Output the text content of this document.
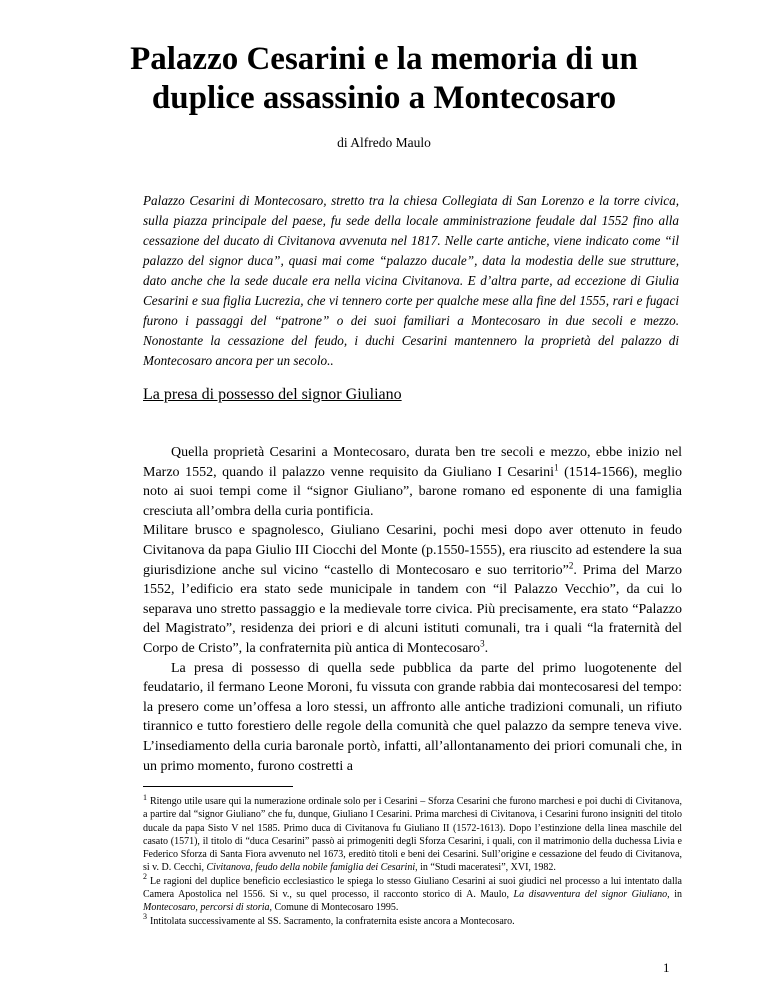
Palazzo Cesarini e la memoria di un duplice assassinio a Montecosaro
di Alfredo Maulo

Palazzo Cesarini di Montecosaro, stretto tra la chiesa Collegiata di San Lorenzo e la torre civica, sulla piazza principale del paese, fu sede della locale amministrazione feudale dal 1552 fino alla cessazione del ducato di Civitanova avvenuta nel 1817. Nelle carte antiche, viene indicato come “il palazzo del signor duca”, quasi mai come “palazzo ducale”, data la modestia delle sue strutture, dato anche che la sede ducale era nella vicina Civitanova. E d’altra parte, ad eccezione di Giulia Cesarini e sua figlia Lucrezia, che vi tennero corte per qualche mese alla fine del 1555, rari e fugaci furono i passaggi del “patrone” o dei suoi familiari a Montecosaro in due secoli e mezzo. Nonostante la cessazione del feudo, i duchi Cesarini mantennero la proprietà del palazzo di Montecosaro ancora per un secolo..

La presa di possesso del signor Giuliano

Quella proprietà Cesarini a Montecosaro, durata ben tre secoli e mezzo, ebbe inizio nel Marzo 1552, quando il palazzo venne requisito da Giuliano I Cesarini$^1$ (1514-1566), meglio noto ai suoi tempi come il “signor Giuliano”, barone romano ed esponente di una famiglia cresciuta all’ombra della curia pontificia.

Militare brusco e spagnolesco, Giuliano Cesarini, pochi mesi dopo aver ottenuto in feudo Civitanova da papa Giulio III Ciocchi del Monte (p.1550-1555), era riuscito ad estendere la sua giurisdizione anche sul vicino “castello di Montecosaro e suo territorio”$^2$. Prima del Marzo 1552, l’edificio era stato sede municipale in tandem con “il Palazzo Vecchio”, da cui lo separava uno stretto passaggio e la medievale torre civica. Più precisamente, era stato “Palazzo del Magistrato”, residenza dei priori e di alcuni istituti comunali, tra i quali “la fraternità del Corpo de Cristo”, la confraternita più antica di Montecosaro$^3$.

La presa di possesso di quella sede pubblica da parte del primo luogotenente del feudatario, il fermano Leone Moroni, fu vissuta con grande rabbia dai montecosaresi del tempo: la presero come un’offesa a loro stessi, un affronto alle antiche tradizioni comunali, un rifiuto tirannico e tutto forestiero delle regole della comunità che quel palazzo da sempre teneva vive. L’insediamento della curia baronale portò, infatti, all’allontanamento dei priori comunali che, in un primo momento, furono costretti a

$^1$ Ritengo utile usare qui la numerazione ordinale solo per i Cesarini – Sforza Cesarini che furono marchesi e poi duchi di Civitanova, a partire dal “signor Giuliano” che fu, dunque, Giuliano I Cesarini. Prima marchesi di Civitanova, i Cesarini furono insigniti del titolo ducale da papa Sisto V nel 1585. Primo duca di Civitanova fu Giuliano II (1572-1613). Dopo l’estinzione della linea maschile del casato (1571), il titolo di “duca Cesarini” passò ai primogeniti degli Sforza Cesarini, i quali, con il matrimonio della duchessa Livia e Federico Sforza di Santa Fiora avvenuto nel 1673, ereditò titoli e beni dei Cesarini. Sull’origine e cessazione del feudo di Civitanova, si v. D. Cecchi, Civitanova, feudo della nobile famiglia dei Cesarini, in “Studi maceratesi”, XVI, 1982.

$^2$ Le ragioni del duplice beneficio ecclesiastico le spiega lo stesso Giuliano Cesarini ai suoi giudici nel processo a lui intentato dalla Camera Apostolica nel 1556. Si v., su quel processo, il racconto storico di A. Maulo, La disavventura del signor Giuliano, in Montecosaro, percorsi di storia, Comune di Montecosaro 1995.

$^3$ Intitolata successivamente al SS. Sacramento, la confraternita esiste ancora a Montecosaro.

1
